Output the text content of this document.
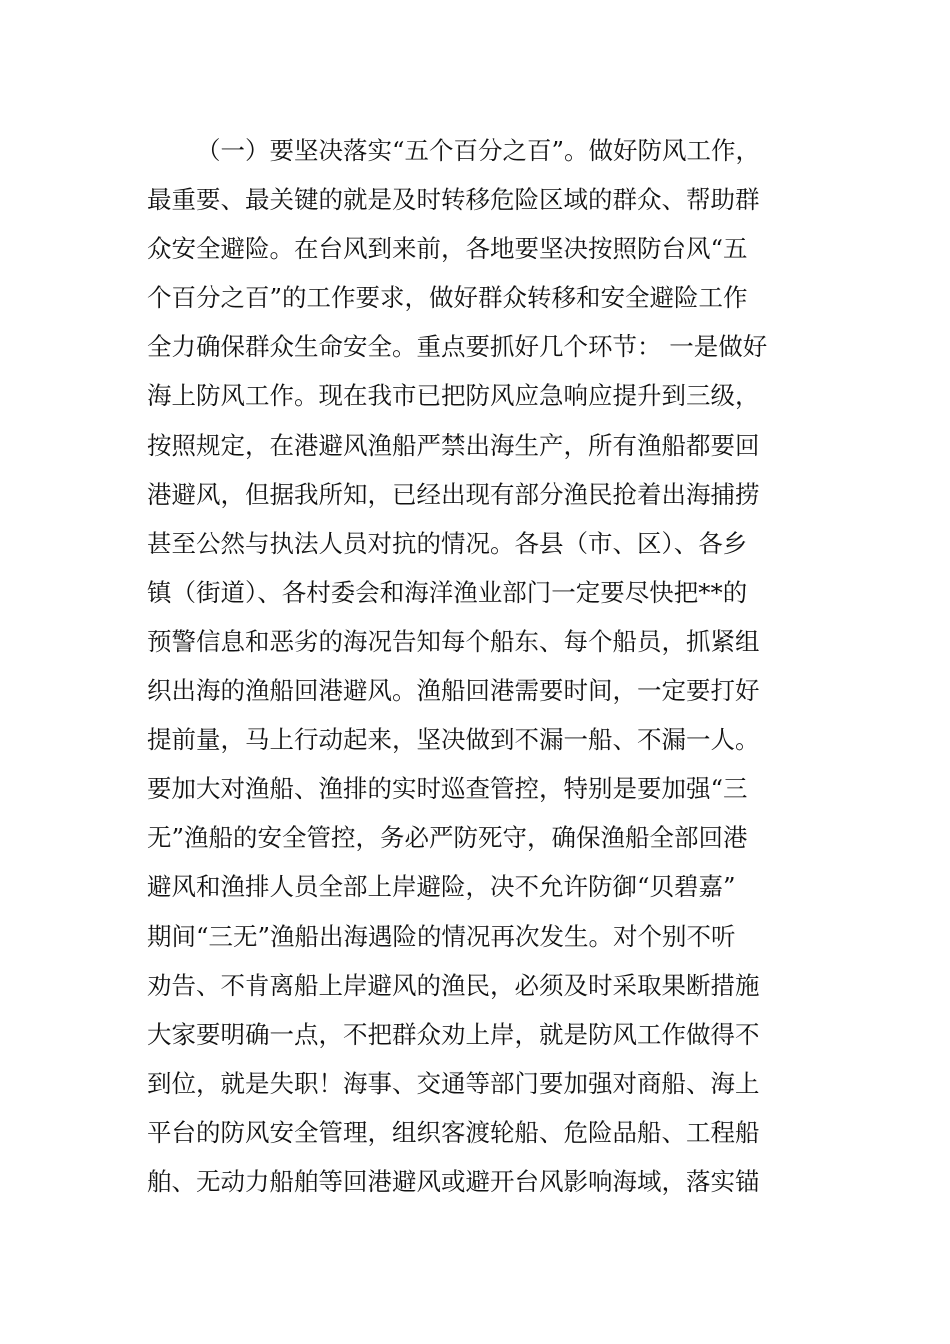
（一）要坚决落实“五个百分之百”。做好防风工作，
最重要、最关键的就是及时转移危险区域的群众、帮助群
众安全避险。在台风到来前，各地要坚决按照防台风“五
个百分之百”的工作要求，做好群众转移和安全避险工作
全力确保群众生命安全。重点要抓好几个环节： 一是做好
海上防风工作。现在我市已把防风应急响应提升到三级，
按照规定，在港避风渔船严禁出海生产，所有渔船都要回
港避风，但据我所知，已经出现有部分渔民抢着出海捕捞
甚至公然与执法人员对抗的情况。各县（市、区）、各乡
镇（街道）、各村委会和海洋渔业部门一定要尽快把**的
预警信息和恶劣的海况告知每个船东、每个船员，抓紧组
织出海的渔船回港避风。渔船回港需要时间，一定要打好
提前量，马上行动起来，坚决做到不漏一船、不漏一人。
要加大对渔船、渔排的实时巡查管控，特别是要加强“三
无”渔船的安全管控，务必严防死守，确保渔船全部回港
避风和渔排人员全部上岸避险，决不允许防御“贝碧嘉”
期间“三无”渔船出海遇险的情况再次发生。对个别不听
劝告、不肯离船上岸避风的渔民，必须及时采取果断措施
大家要明确一点，不把群众劝上岸，就是防风工作做得不
到位，就是失职！海事、交通等部门要加强对商船、海上
平台的防风安全管理，组织客渡轮船、危险品船、工程船
舶、无动力船舶等回港避风或避开台风影响海域，落实锚
